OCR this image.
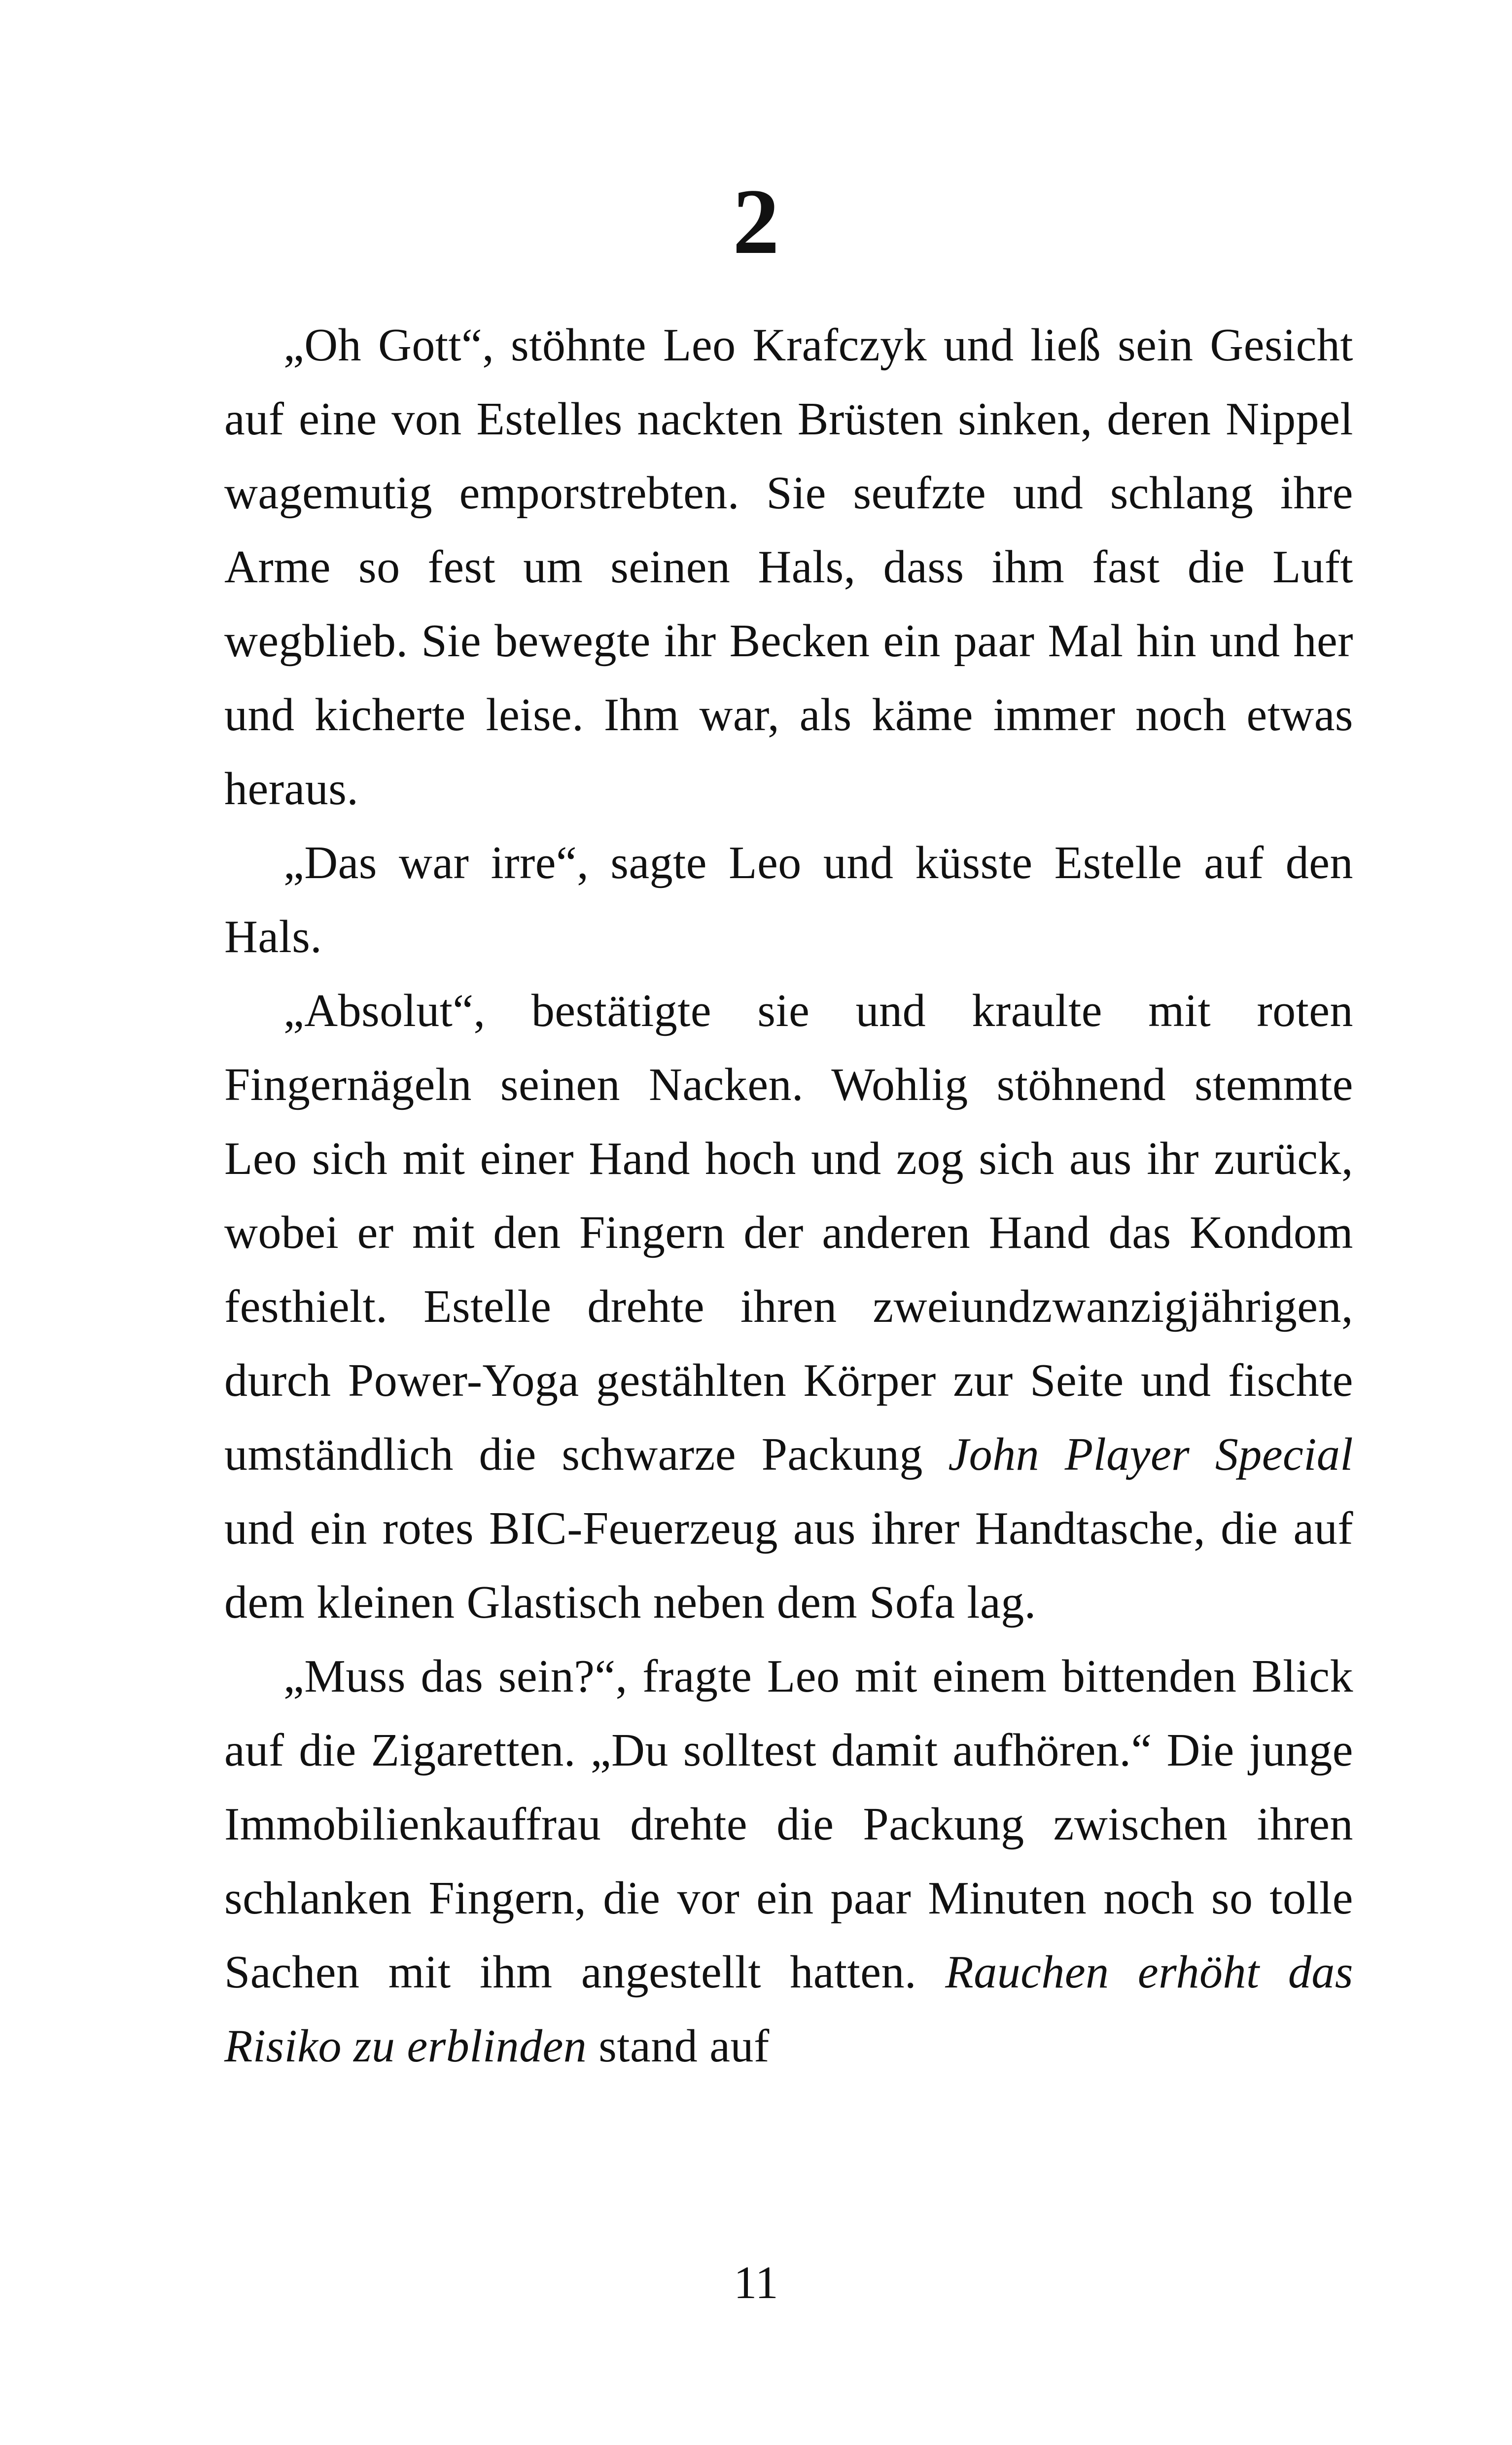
2

„Oh Gott“, stöhnte Leo Krafczyk und ließ sein Gesicht auf eine von Estelles nackten Brüsten sinken, deren Nippel wagemutig emporstrebten. Sie seufzte und schlang ihre Arme so fest um seinen Hals, dass ihm fast die Luft wegblieb. Sie bewegte ihr Becken ein paar Mal hin und her und kicherte leise. Ihm war, als käme immer noch etwas heraus.

„Das war irre“, sagte Leo und küsste Estelle auf den Hals.

„Absolut“, bestätigte sie und kraulte mit roten Fingernägeln seinen Nacken. Wohlig stöhnend stemmte Leo sich mit einer Hand hoch und zog sich aus ihr zurück, wobei er mit den Fingern der anderen Hand das Kondom festhielt. Estelle drehte ihren zweiundzwanzigjährigen, durch Power-Yoga gestählten Körper zur Seite und fischte umständlich die schwarze Packung John Player Special und ein rotes BIC-Feuerzeug aus ihrer Handtasche, die auf dem kleinen Glastisch neben dem Sofa lag.

„Muss das sein?“, fragte Leo mit einem bittenden Blick auf die Zigaretten. „Du solltest damit aufhören.“ Die junge Immobilienkauffrau drehte die Packung zwischen ihren schlanken Fingern, die vor ein paar Minuten noch so tolle Sachen mit ihm angestellt hatten. Rauchen erhöht das Risiko zu erblinden stand auf

11
